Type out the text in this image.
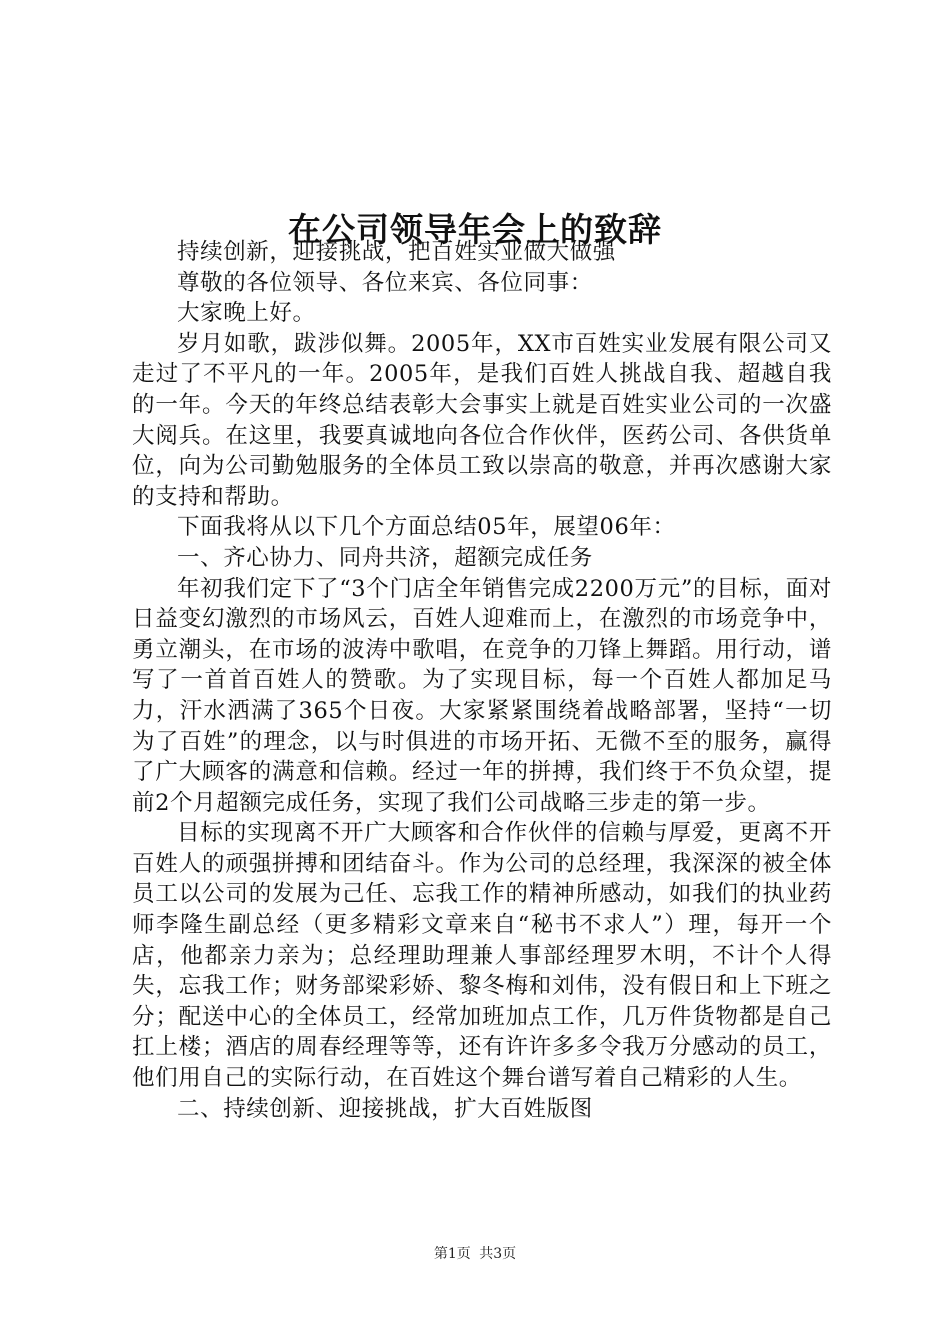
在公司领导年会上的致辞

持续创新，迎接挑战，把百姓实业做大做强

尊敬的各位领导、各位来宾、各位同事：

大家晚上好。

岁月如歌，跋涉似舞。2005年，XX市百姓实业发展有限公司又走过了不平凡的一年。2005年，是我们百姓人挑战自我、超越自我的一年。今天的年终总结表彰大会事实上就是百姓实业公司的一次盛大阅兵。在这里，我要真诚地向各位合作伙伴，医药公司、各供货单位，向为公司勤勉服务的全体员工致以崇高的敬意，并再次感谢大家的支持和帮助。

下面我将从以下几个方面总结05年，展望06年：

一、齐心协力、同舟共济，超额完成任务

年初我们定下了“3个门店全年销售完成2200万元”的目标，面对日益变幻激烈的市场风云，百姓人迎难而上，在激烈的市场竞争中，勇立潮头，在市场的波涛中歌唱，在竞争的刀锋上舞蹈。用行动，谱写了一首首百姓人的赞歌。为了实现目标，每一个百姓人都加足马力，汗水洒满了365个日夜。大家紧紧围绕着战略部署，坚持“一切为了百姓”的理念，以与时俱进的市场开拓、无微不至的服务，赢得了广大顾客的满意和信赖。经过一年的拼搏，我们终于不负众望，提前2个月超额完成任务，实现了我们公司战略三步走的第一步。

目标的实现离不开广大顾客和合作伙伴的信赖与厚爱，更离不开百姓人的顽强拼搏和团结奋斗。作为公司的总经理，我深深的被全体员工以公司的发展为己任、忘我工作的精神所感动，如我们的执业药师李隆生副总经（更多精彩文章来自“秘书不求人”）理，每开一个店，他都亲力亲为；总经理助理兼人事部经理罗木明，不计个人得失，忘我工作；财务部梁彩娇、黎冬梅和刘伟，没有假日和上下班之分；配送中心的全体员工，经常加班加点工作，几万件货物都是自己扛上楼；酒店的周春经理等等，还有许许多多令我万分感动的员工，他们用自己的实际行动，在百姓这个舞台谱写着自己精彩的人生。

二、持续创新、迎接挑战，扩大百姓版图

第1页 共3页
